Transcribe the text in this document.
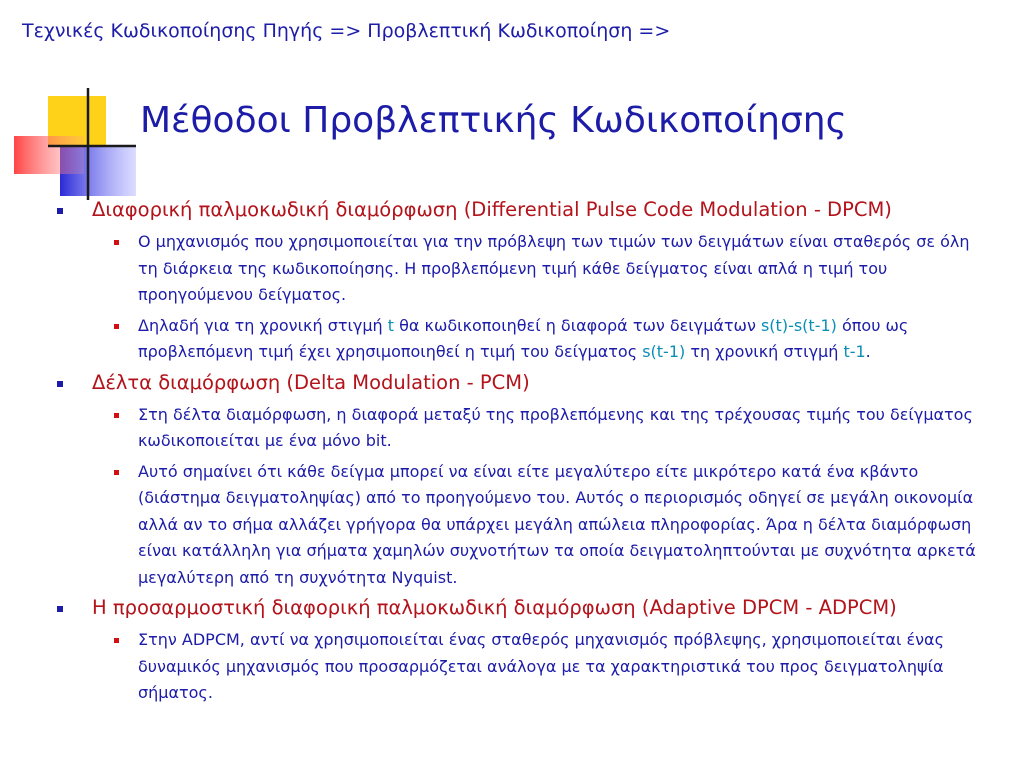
Τεχνικές Κωδικοποίησης Πηγής => Προβλεπτική Κωδικοποίηση =>
Μέθοδοι Προβλεπτικής Κωδικοποίησης
Διαφορική παλμοκωδική διαμόρφωση (Differential Pulse Code Modulation - DPCM)
Ο μηχανισμός που χρησιμοποιείται για την πρόβλεψη των τιμών των δειγμάτων είναι σταθερός σε όλη τη διάρκεια της κωδικοποίησης. Η προβλεπόμενη τιμή κάθε δείγματος είναι απλά η τιμή του προηγούμενου δείγματος.
Δηλαδή για τη χρονική στιγμή t θα κωδικοποιηθεί η διαφορά των δειγμάτων s(t)-s(t-1) όπου ως προβλεπόμενη τιμή έχει χρησιμοποιηθεί η τιμή του δείγματος s(t-1) τη χρονική στιγμή t-1.
Δέλτα διαμόρφωση (Delta Modulation - PCM)
Στη δέλτα διαμόρφωση, η διαφορά μεταξύ της προβλεπόμενης και της τρέχουσας τιμής του δείγματος κωδικοποιείται με ένα μόνο bit.
Αυτό σημαίνει ότι κάθε δείγμα μπορεί να είναι είτε μεγαλύτερο είτε μικρότερο κατά ένα κβάντο (διάστημα δειγματοληψίας) από το προηγούμενο του. Αυτός ο περιορισμός οδηγεί σε μεγάλη οικονομία αλλά αν το σήμα αλλάζει γρήγορα θα υπάρχει μεγάλη απώλεια πληροφορίας. Άρα η δέλτα διαμόρφωση είναι κατάλληλη για σήματα χαμηλών συχνοτήτων τα οποία δειγματοληπτούνται με συχνότητα αρκετά μεγαλύτερη από τη συχνότητα Nyquist.
Η προσαρμοστική διαφορική παλμοκωδική διαμόρφωση (Adaptive DPCM - ADPCM)
Στην ADPCM, αντί να χρησιμοποιείται ένας σταθερός μηχανισμός πρόβλεψης, χρησιμοποιείται ένας δυναμικός μηχανισμός που προσαρμόζεται ανάλογα με τα χαρακτηριστικά του προς δειγματοληψία σήματος.
